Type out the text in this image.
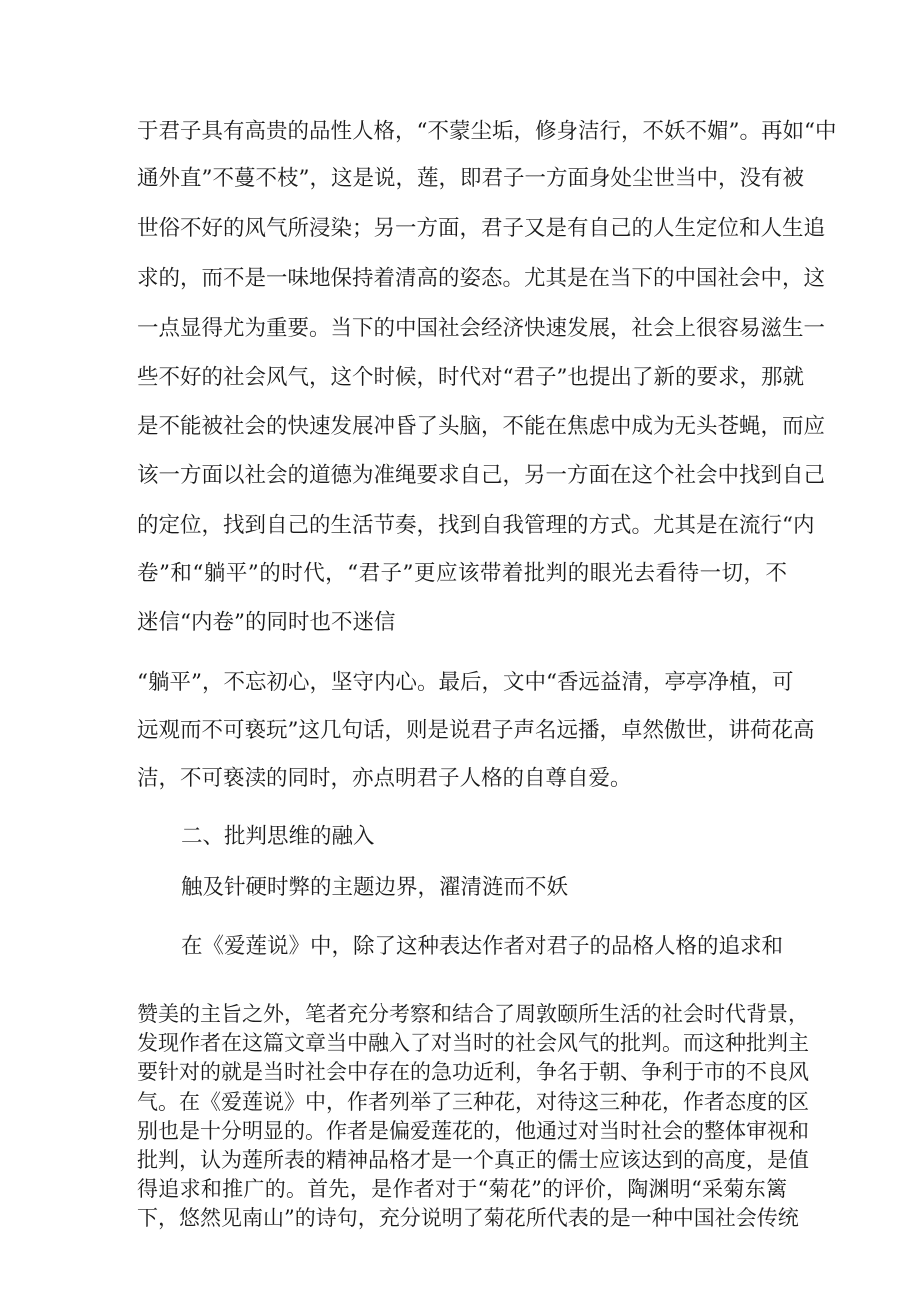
于君子具有高贵的品性人格，“不蒙尘垢，修身洁行，不妖不媚”。再如“中
通外直”不蔓不枝”，这是说，莲，即君子一方面身处尘世当中，没有被
世俗不好的风气所浸染；另一方面，君子又是有自己的人生定位和人生追
求的，而不是一味地保持着清高的姿态。尤其是在当下的中国社会中，这
一点显得尤为重要。当下的中国社会经济快速发展，社会上很容易滋生一
些不好的社会风气，这个时候，时代对“君子”也提出了新的要求，那就
是不能被社会的快速发展冲昏了头脑，不能在焦虑中成为无头苍蝇，而应
该一方面以社会的道德为准绳要求自己，另一方面在这个社会中找到自己
的定位，找到自己的生活节奏，找到自我管理的方式。尤其是在流行“内
卷”和“躺平”的时代，“君子”更应该带着批判的眼光去看待一切，不
迷信“内卷”的同时也不迷信
“躺平”，不忘初心，坚守内心。最后，文中“香远益清，亭亭净植，可
远观而不可亵玩”这几句话，则是说君子声名远播，卓然傲世，讲荷花高
洁，不可亵渎的同时，亦点明君子人格的自尊自爱。
二、批判思维的融入
触及针硬时弊的主题边界，濯清涟而不妖
在《爱莲说》中，除了这种表达作者对君子的品格人格的追求和
赞美的主旨之外，笔者充分考察和结合了周敦颐所生活的社会时代背景，
发现作者在这篇文章当中融入了对当时的社会风气的批判。而这种批判主
要针对的就是当时社会中存在的急功近利，争名于朝、争利于市的不良风
气。在《爱莲说》中，作者列举了三种花，对待这三种花，作者态度的区
别也是十分明显的。作者是偏爱莲花的，他通过对当时社会的整体审视和
批判，认为莲所表的精神品格才是一个真正的儒士应该达到的高度，是值
得追求和推广的。首先，是作者对于“菊花”的评价，陶渊明“采菊东篱
下，悠然见南山”的诗句，充分说明了菊花所代表的是一种中国社会传统
